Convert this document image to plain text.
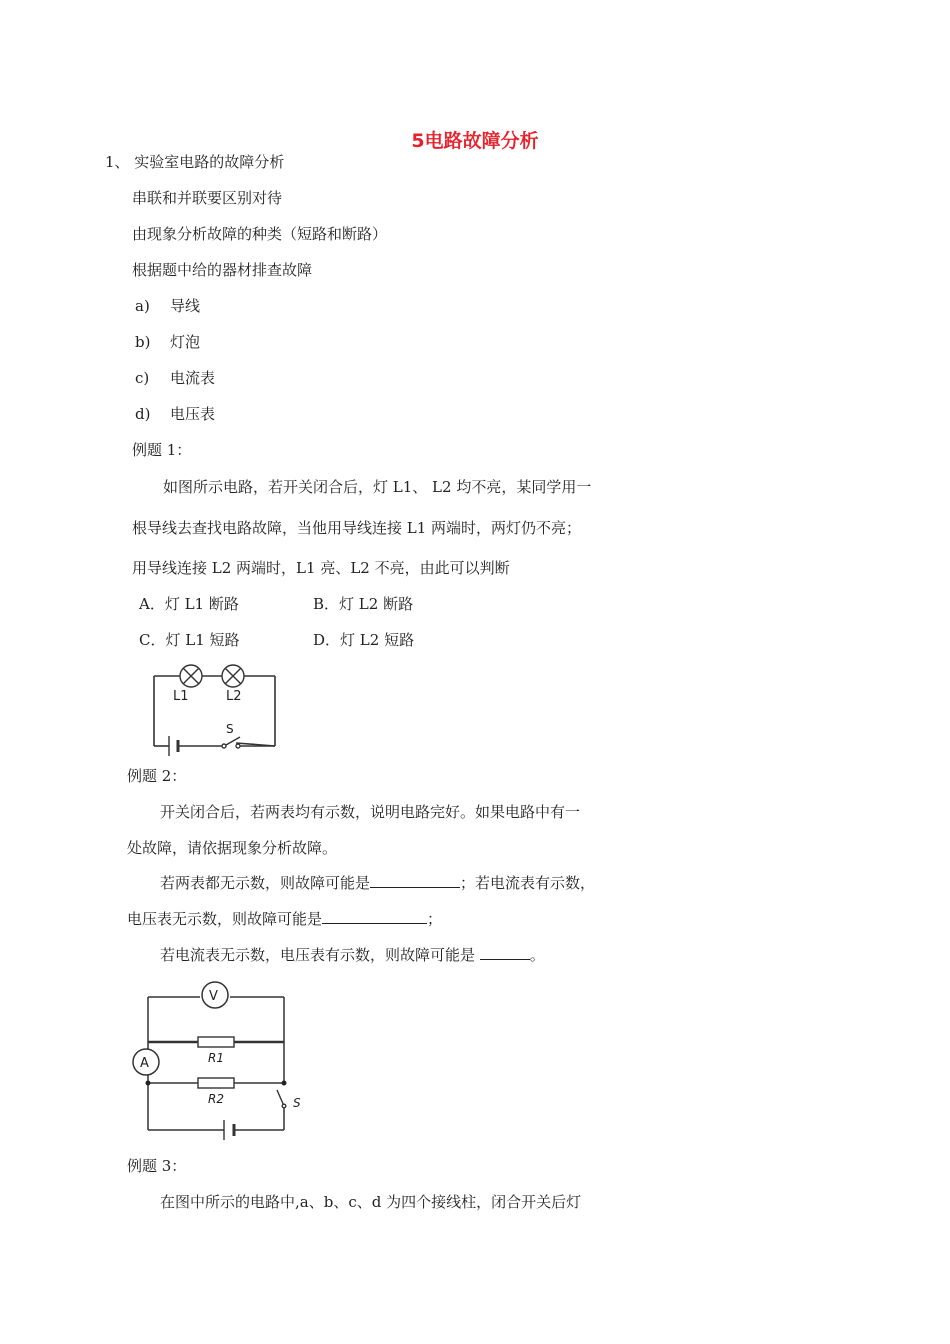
5电路故障分析
1、 实验室电路的故障分析
串联和并联要区别对待
由现象分析故障的种类（短路和断路）
根据题中给的器材排查故障
a) 导线
b) 灯泡
c) 电流表
d) 电压表
例题 1：
如图所示电路，若开关闭合后，灯 L1、 L2 均不亮，某同学用一
根导线去查找电路故障，当他用导线连接 L1 两端时，两灯仍不亮；
用导线连接 L2 两端时，L1 亮、L2 不亮，由此可以判断
A．灯 L1 断路	B．灯 L2 断路
C．灯 L1 短路	D．灯 L2 短路
L1	L2
S
例题 2：
开关闭合后，若两表均有示数，说明电路完好。如果电路中有一
处故障，请依据现象分析故障。
若两表都无示数，则故障可能是	；若电流表有示数，
电压表无示数，则故障可能是	；
若电流表无示数，电压表有示数，则故障可能是	。
V
A	R1
R2	S
例题 3：
在图中所示的电路中,a、b、c、d 为四个接线柱，闭合开关后灯
